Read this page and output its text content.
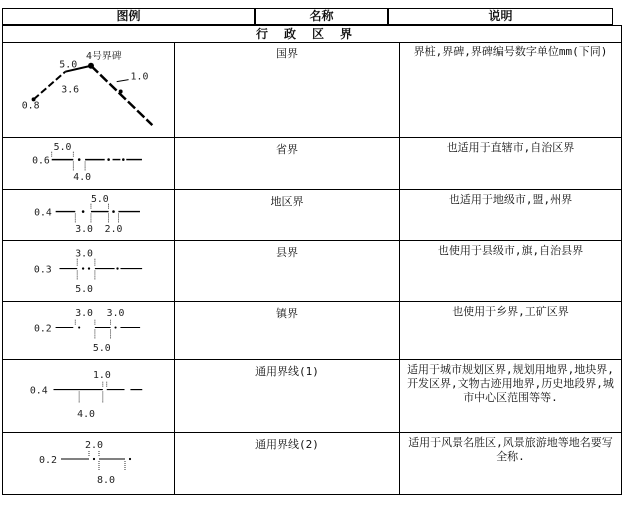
图例	名称	说明
行政区界
4号界碑
5.0
3.6
1.0
0.8
国界	界桩,界碑,界碑编号数字单位mm(下同)
0.6
5.0
4.0
省界	也适用于直辖市,自治区界
0.4
5.0
3.0 2.0
地区界	也适用于地级市,盟,州界
0.3
3.0
5.0
县界	也使用于县级市,旗,自治县界
0.2
3.0 3.0
5.0
镇界	也使用于乡界,工矿区界
0.4
1.0
4.0
通用界线(1)	适用于城市规划区界,规划用地界,地块界,开发区界,文物古迹用地界,历史地段界,城市中心区范围等等.
0.2
2.0
8.0
通用界线(2)	适用于风景名胜区,风景旅游地等地名要写全称.
